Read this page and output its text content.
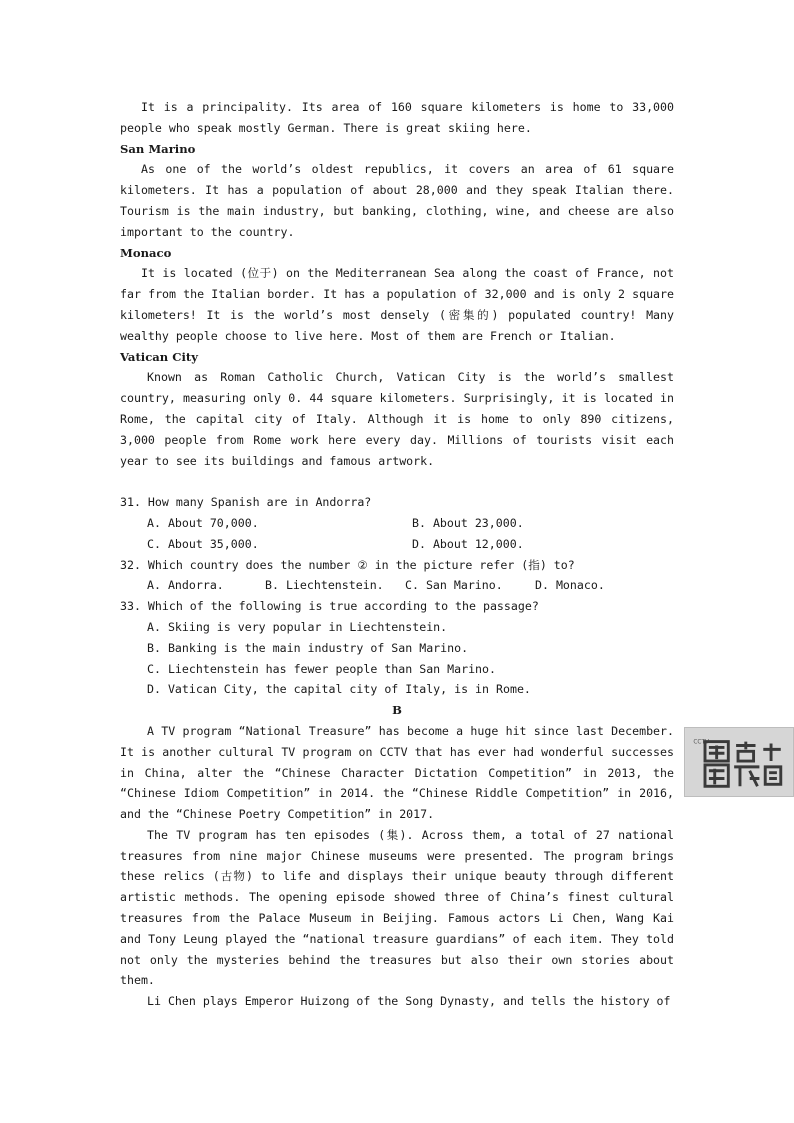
It is a principality. Its area of 160 square kilometers is home to 33,000 people who speak mostly German. There is great skiing here.

San Marino

As one of the world’s oldest republics, it covers an area of 61 square kilometers. It has a population of about 28,000 and they speak Italian there. Tourism is the main industry, but banking, clothing, wine, and cheese are also important to the country.

Monaco

It is located (位于) on the Mediterranean Sea along the coast of France, not far from the Italian border. It has a population of 32,000 and is only 2 square kilometers! It is the world’s most densely (密集的) populated country! Many wealthy people choose to live here. Most of them are French or Italian.

Vatican City

Known as Roman Catholic Church, Vatican City is the world’s smallest country, measuring only 0. 44 square kilometers. Surprisingly, it is located in Rome, the capital city of Italy. Although it is home to only 890 citizens, 3,000 people from Rome work here every day. Millions of tourists visit each year to see its buildings and famous artwork.

31. How many Spanish are in Andorra?
A. About 70,000.	B. About 23,000.
C. About 35,000.	D. About 12,000.
32. Which country does the number ② in the picture refer (指) to?
A. Andorra.	B. Liechtenstein.	C. San Marino.	D. Monaco.
33. Which of the following is true according to the passage?
A. Skiing is very popular in Liechtenstein.
B. Banking is the main industry of San Marino.
C. Liechtenstein has fewer people than San Marino.
D. Vatican City, the capital city of Italy, is in Rome.
B

A TV program “National Treasure” has become a huge hit since last December. It is another cultural TV program on CCTV that has ever had wonderful successes in China, alter the “Chinese Character Dictation Competition” in 2013, the “Chinese Idiom Competition” in 2014. the “Chinese Riddle Competition” in 2016, and the “Chinese Poetry Competition” in 2017.

The TV program has ten episodes (集). Across them, a total of 27 national treasures from nine major Chinese museums were presented. The program brings these relics (古物) to life and displays their unique beauty through different artistic methods. The opening episode showed three of China’s finest cultural treasures from the Palace Museum in Beijing. Famous actors Li Chen, Wang Kai and Tony Leung played the “national treasure guardians” of each item. They told not only the mysteries behind the treasures but also their own stories about them.

Li Chen plays Emperor Huizong of the Song Dynasty, and tells the history of

CCTV
